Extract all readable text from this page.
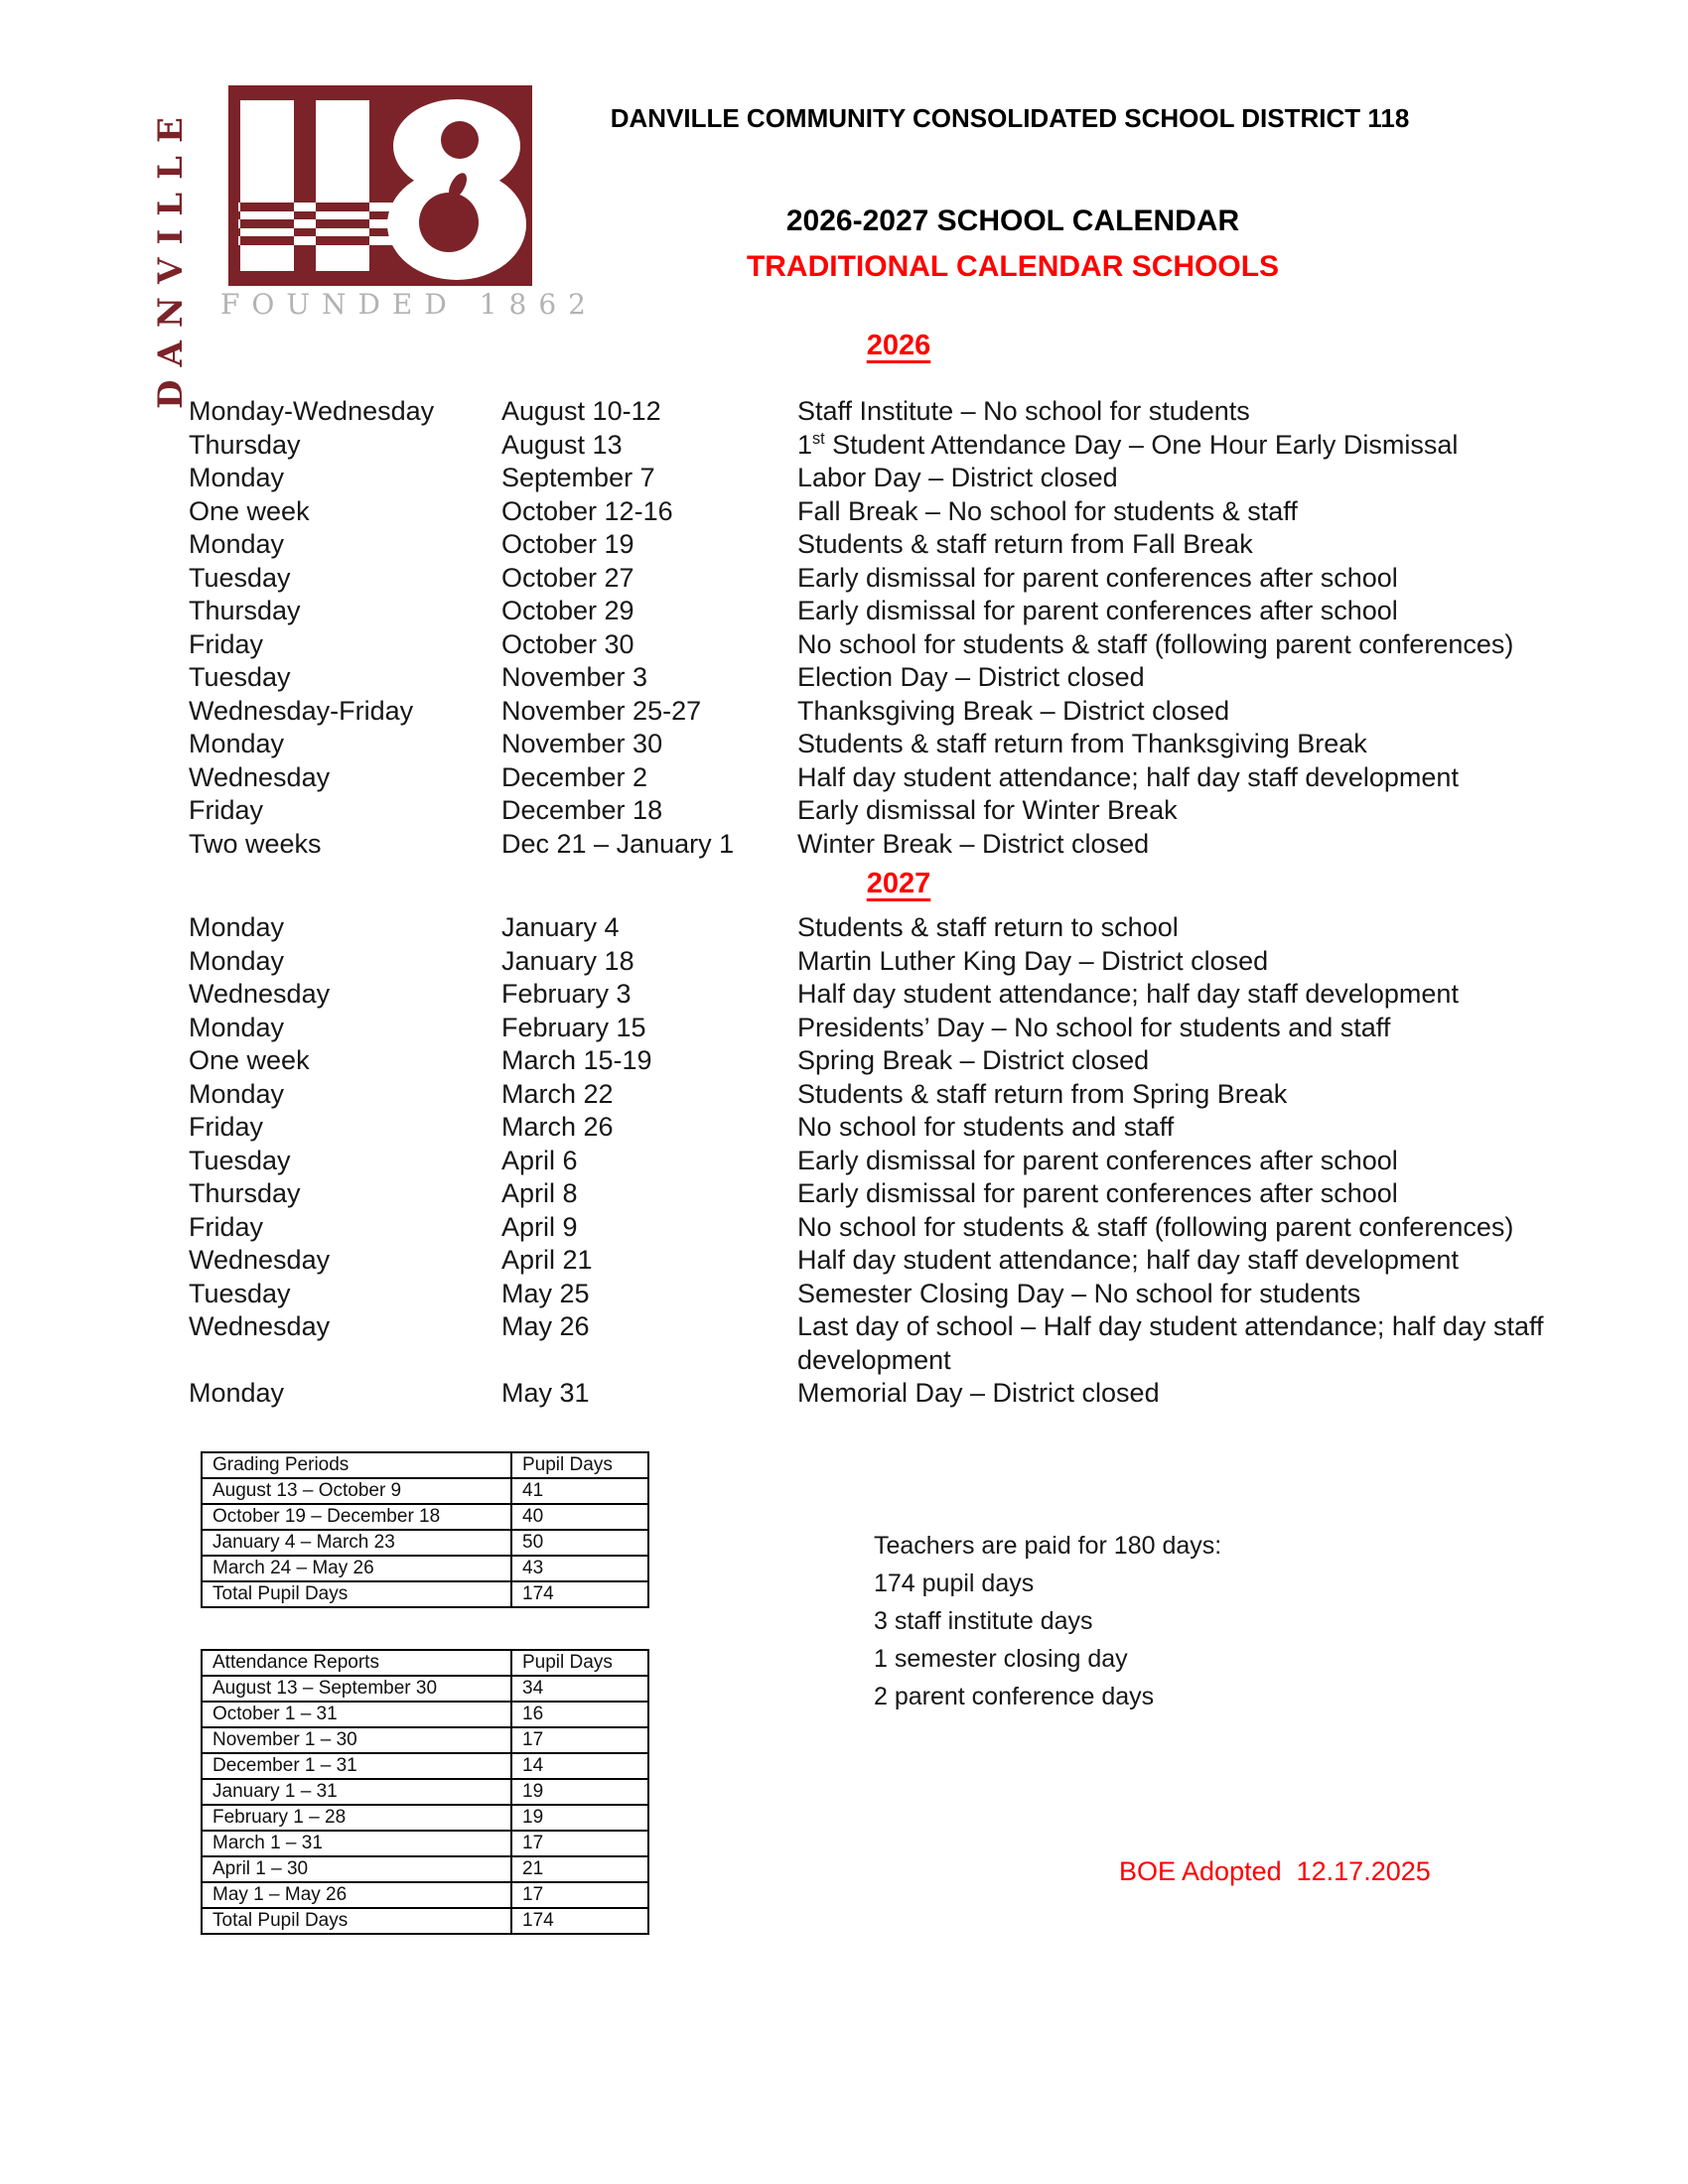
DANVILLE	FOUNDED 1862
DANVILLE COMMUNITY CONSOLIDATED SCHOOL DISTRICT 118
2026-2027 SCHOOL CALENDAR
TRADITIONAL CALENDAR SCHOOLS
2026
Monday-Wednesday	August 10-12	Staff Institute – No school for students
Thursday	August 13	1st Student Attendance Day – One Hour Early Dismissal
Monday	September 7	Labor Day – District closed
One week	October 12-16	Fall Break – No school for students & staff
Monday	October 19	Students & staff return from Fall Break
Tuesday	October 27	Early dismissal for parent conferences after school
Thursday	October 29	Early dismissal for parent conferences after school
Friday	October 30	No school for students & staff (following parent conferences)
Tuesday	November 3	Election Day – District closed
Wednesday-Friday	November 25-27	Thanksgiving Break – District closed
Monday	November 30	Students & staff return from Thanksgiving Break
Wednesday	December 2	Half day student attendance; half day staff development
Friday	December 18	Early dismissal for Winter Break
Two weeks	Dec 21 – January 1	Winter Break – District closed
2027
Monday	January 4	Students & staff return to school
Monday	January 18	Martin Luther King Day – District closed
Wednesday	February 3	Half day student attendance; half day staff development
Monday	February 15	Presidents’ Day – No school for students and staff
One week	March 15-19	Spring Break – District closed
Monday	March 22	Students & staff return from Spring Break
Friday	March 26	No school for students and staff
Tuesday	April 6	Early dismissal for parent conferences after school
Thursday	April 8	Early dismissal for parent conferences after school
Friday	April 9	No school for students & staff (following parent conferences)
Wednesday	April 21	Half day student attendance; half day staff development
Tuesday	May 25	Semester Closing Day – No school for students
Wednesday	May 26	Last day of school – Half day student attendance; half day staff development
Monday	May 31	Memorial Day – District closed
Grading Periods	Pupil Days
August 13 – October 9	41
October 19 – December 18	40
January 4 – March 23	50
March 24 – May 26	43
Total Pupil Days	174
Attendance Reports	Pupil Days
August 13 – September 30	34
October 1 – 31	16
November 1 – 30	17
December 1 – 31	14
January 1 – 31	19
February 1 – 28	19
March 1 – 31	17
April 1 – 30	21
May 1 – May 26	17
Total Pupil Days	174
Teachers are paid for 180 days:
174 pupil days
3 staff institute days
1 semester closing day
2 parent conference days
BOE Adopted  12.17.2025
